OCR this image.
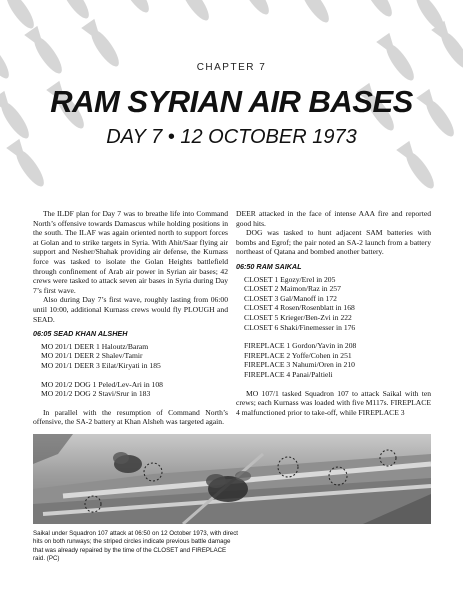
CHAPTER 7
RAM SYRIAN AIR BASES
DAY 7 • 12 OCTOBER 1973

The ILDF plan for Day 7 was to breathe life into Command North’s offensive towards Damascus while holding positions in the south. The ILAF was again oriented north to support forces at Golan and to strike targets in Syria. With Ahit/Saar flying air support and Nesher/Shahak providing air defense, the Kurnass force was tasked to isolate the Golan Heights battlefield through confinement of Arab air power in Syrian air bases; 42 crews were tasked to attack seven air bases in Syria during Day 7’s first wave.

Also during Day 7’s first wave, roughly lasting from 06:00 until 10:00, additional Kurnass crews would fly PLOUGH and SEAD.

06:05 SEAD KHAN ALSHEH
MO 201/1 DEER 1 Haloutz/Baram
MO 201/1 DEER 2 Shalev/Tamir
MO 201/1 DEER 3 Eilat/Kiryati in 185
MO 201/2 DOG 1 Peled/Lev-Ari in 108
MO 201/2 DOG 2 Stavi/Srur in 183

In parallel with the resumption of Command North’s offensive, the SA-2 battery at Khan Alsheh was targeted again.

DEER attacked in the face of intense AAA fire and reported good hits.

DOG was tasked to hunt adjacent SAM batteries with bombs and Egrof; the pair noted an SA-2 launch from a battery northeast of Qatana and bombed another battery.

06:50 RAM SAIKAL
CLOSET 1 Egozy/Erel in 205
CLOSET 2 Maimon/Raz in 257
CLOSET 3 Gal/Manoff in 172
CLOSET 4 Rosen/Rosenblatt in 168
CLOSET 5 Krieger/Ben-Zvi in 222
CLOSET 6 Shaki/Finemesser in 176
FIREPLACE 1 Gordon/Yavin in 208
FIREPLACE 2 Yoffe/Cohen in 251
FIREPLACE 3 Nahumi/Oren in 210
FIREPLACE 4 Panai/Paltieli

MO 107/1 tasked Squadron 107 to attack Saikal with ten crews; each Kurnass was loaded with five M117s. FIREPLACE 4 malfunctioned prior to take-off, while FIREPLACE 3

Saikal under Squadron 107 attack at 06:50 on 12 October 1973, with direct hits on both runways; the striped circles indicate previous battle damage that was already repaired by the time of the CLOSET and FIREPLACE raid. (PC)
